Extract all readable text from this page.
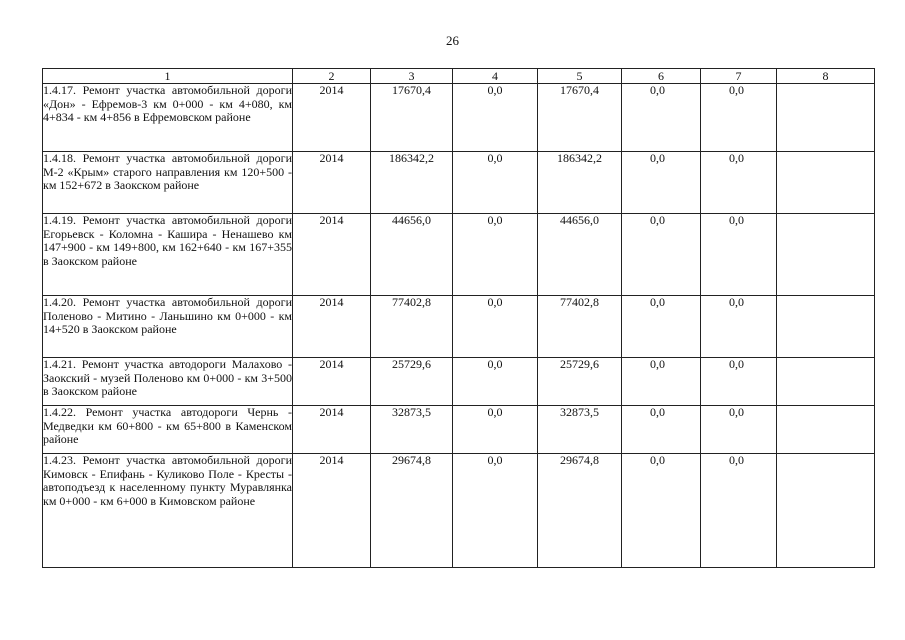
26
1	2	3	4	5	6	7	8
1.4.17. Ремонт участка автомобильной дороги «Дон» - Ефремов-3 км 0+000 - км 4+080, км 4+834 - км 4+856 в Ефремовском районе	2014	17670,4	0,0	17670,4	0,0	0,0	
1.4.18. Ремонт участка автомобильной дороги М-2 «Крым» старого направления км 120+500 - км 152+672 в Заокском районе	2014	186342,2	0,0	186342,2	0,0	0,0	
1.4.19. Ремонт участка автомобильной дороги Егорьевск - Коломна - Кашира - Ненашево км 147+900 - км 149+800, км 162+640 - км 167+355 в Заокском районе	2014	44656,0	0,0	44656,0	0,0	0,0	
1.4.20. Ремонт участка автомобильной дороги Поленово - Митино - Ланьшино км 0+000 - км 14+520 в Заокском районе	2014	77402,8	0,0	77402,8	0,0	0,0	
1.4.21. Ремонт участка автодороги Малахово - Заокский - музей Поленово км 0+000 - км 3+500 в Заокском районе	2014	25729,6	0,0	25729,6	0,0	0,0	
1.4.22. Ремонт участка автодороги Чернь - Медведки км 60+800 - км 65+800 в Каменском районе	2014	32873,5	0,0	32873,5	0,0	0,0	
1.4.23. Ремонт участка автомобильной дороги Кимовск - Епифань - Куликово Поле - Кресты - автоподъезд к населенному пункту Муравлянка км 0+000 - км 6+000 в Кимовском районе	2014	29674,8	0,0	29674,8	0,0	0,0	
